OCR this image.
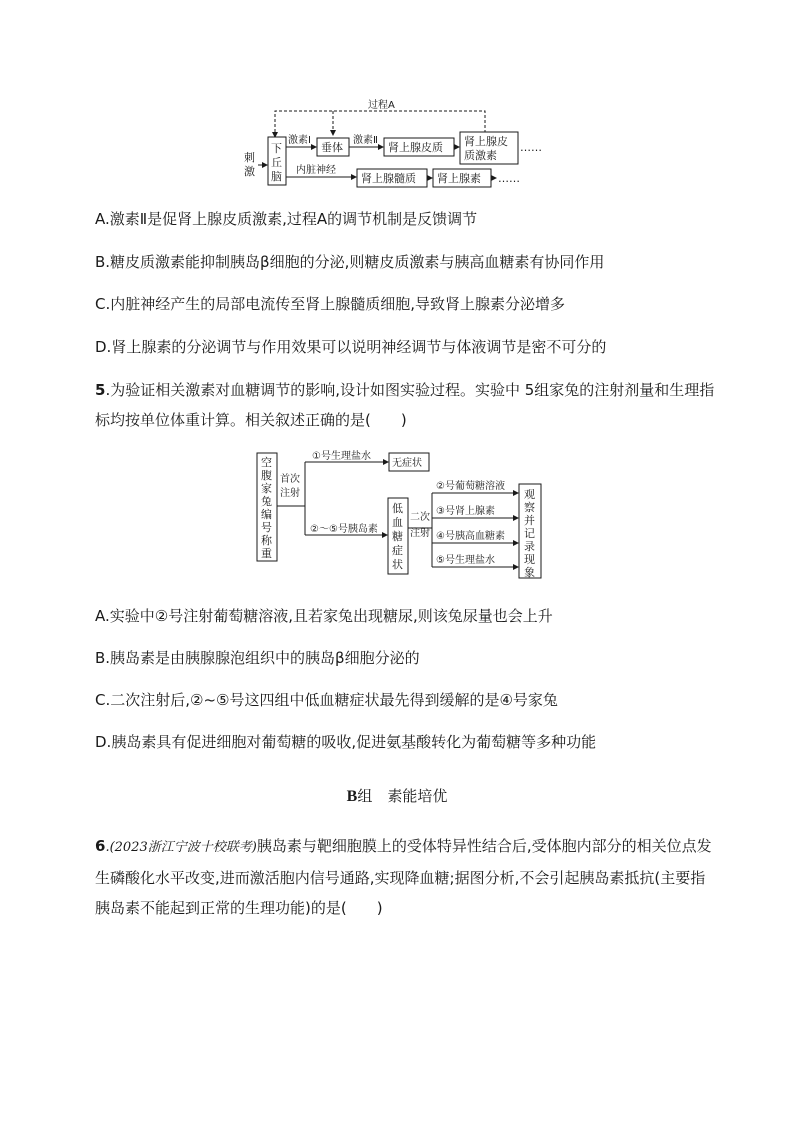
过程A
刺
激
下
丘
脑
激素Ⅰ
垂体
激素Ⅱ
肾上腺皮质 肾上腺皮
质激素
……
内脏神经
肾上腺髓质 肾上腺素 ……
A.激素Ⅱ是促肾上腺皮质激素,过程A的调节机制是反馈调节
B.糖皮质激素能抑制胰岛β细胞的分泌,则糖皮质激素与胰高血糖素有协同作用
C.内脏神经产生的局部电流传至肾上腺髓质细胞,导致肾上腺素分泌增多
D.肾上腺素的分泌调节与作用效果可以说明神经调节与体液调节是密不可分的
5.为验证相关激素对血糖调节的影响,设计如图实验过程。实验中 5组家兔的注射剂量和生理指标均按单位体重计算。相关叙述正确的是(　　)
空
腹
家
兔
编
号
称
重
首次
注射
①号生理盐水
②～⑤号胰岛素
无症状
低
血
糖
症
状
二次
注射
②号葡萄糖溶液
③号肾上腺素
④号胰高血糖素
⑤号生理盐水
观
察
并
记
录
现
象
A.实验中②号注射葡萄糖溶液,且若家兔出现糖尿,则该兔尿量也会上升
B.胰岛素是由胰腺腺泡组织中的胰岛β细胞分泌的
C.二次注射后,②~⑤号这四组中低血糖症状最先得到缓解的是④号家兔
D.胰岛素具有促进细胞对葡萄糖的吸收,促进氨基酸转化为葡萄糖等多种功能
B组　 素能培优
6.(2023浙江宁波十校联考)胰岛素与靶细胞膜上的受体特异性结合后,受体胞内部分的相关位点发生磷酸化水平改变,进而激活胞内信号通路,实现降血糖;据图分析,不会引起胰岛素抵抗(主要指胰岛素不能起到正常的生理功能)的是(　　)
